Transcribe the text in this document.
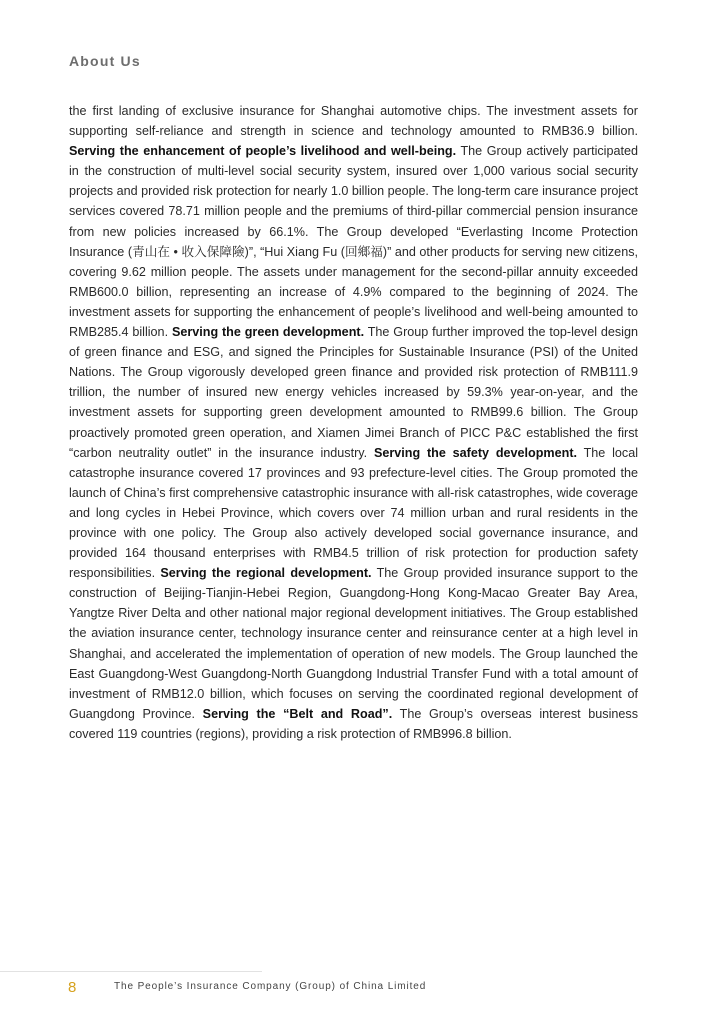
About Us

the first landing of exclusive insurance for Shanghai automotive chips. The investment assets for supporting self-reliance and strength in science and technology amounted to RMB36.9 billion. Serving the enhancement of people’s livelihood and well-being. The Group actively participated in the construction of multi-level social security system, insured over 1,000 various social security projects and provided risk protection for nearly 1.0 billion people. The long-term care insurance project services covered 78.71 million people and the premiums of third-pillar commercial pension insurance from new policies increased by 66.1%. The Group developed “Everlasting Income Protection Insurance (青山在 • 收入保障險)”, “Hui Xiang Fu (回鄉福)” and other products for serving new citizens, covering 9.62 million people. The assets under management for the second-pillar annuity exceeded RMB600.0 billion, representing an increase of 4.9% compared to the beginning of 2024. The investment assets for supporting the enhancement of people’s livelihood and well-being amounted to RMB285.4 billion. Serving the green development. The Group further improved the top-level design of green finance and ESG, and signed the Principles for Sustainable Insurance (PSI) of the United Nations. The Group vigorously developed green finance and provided risk protection of RMB111.9 trillion, the number of insured new energy vehicles increased by 59.3% year-on-year, and the investment assets for supporting green development amounted to RMB99.6 billion. The Group proactively promoted green operation, and Xiamen Jimei Branch of PICC P&C established the first “carbon neutrality outlet” in the insurance industry. Serving the safety development. The local catastrophe insurance covered 17 provinces and 93 prefecture-level cities. The Group promoted the launch of China’s first comprehensive catastrophic insurance with all-risk catastrophes, wide coverage and long cycles in Hebei Province, which covers over 74 million urban and rural residents in the province with one policy. The Group also actively developed social governance insurance, and provided 164 thousand enterprises with RMB4.5 trillion of risk protection for production safety responsibilities. Serving the regional development. The Group provided insurance support to the construction of Beijing-Tianjin-Hebei Region, Guangdong-Hong Kong-Macao Greater Bay Area, Yangtze River Delta and other national major regional development initiatives. The Group established the aviation insurance center, technology insurance center and reinsurance center at a high level in Shanghai, and accelerated the implementation of operation of new models. The Group launched the East Guangdong-West Guangdong-North Guangdong Industrial Transfer Fund with a total amount of investment of RMB12.0 billion, which focuses on serving the coordinated regional development of Guangdong Province. Serving the “Belt and Road”. The Group’s overseas interest business covered 119 countries (regions), providing a risk protection of RMB996.8 billion.

8	The People’s Insurance Company (Group) of China Limited
